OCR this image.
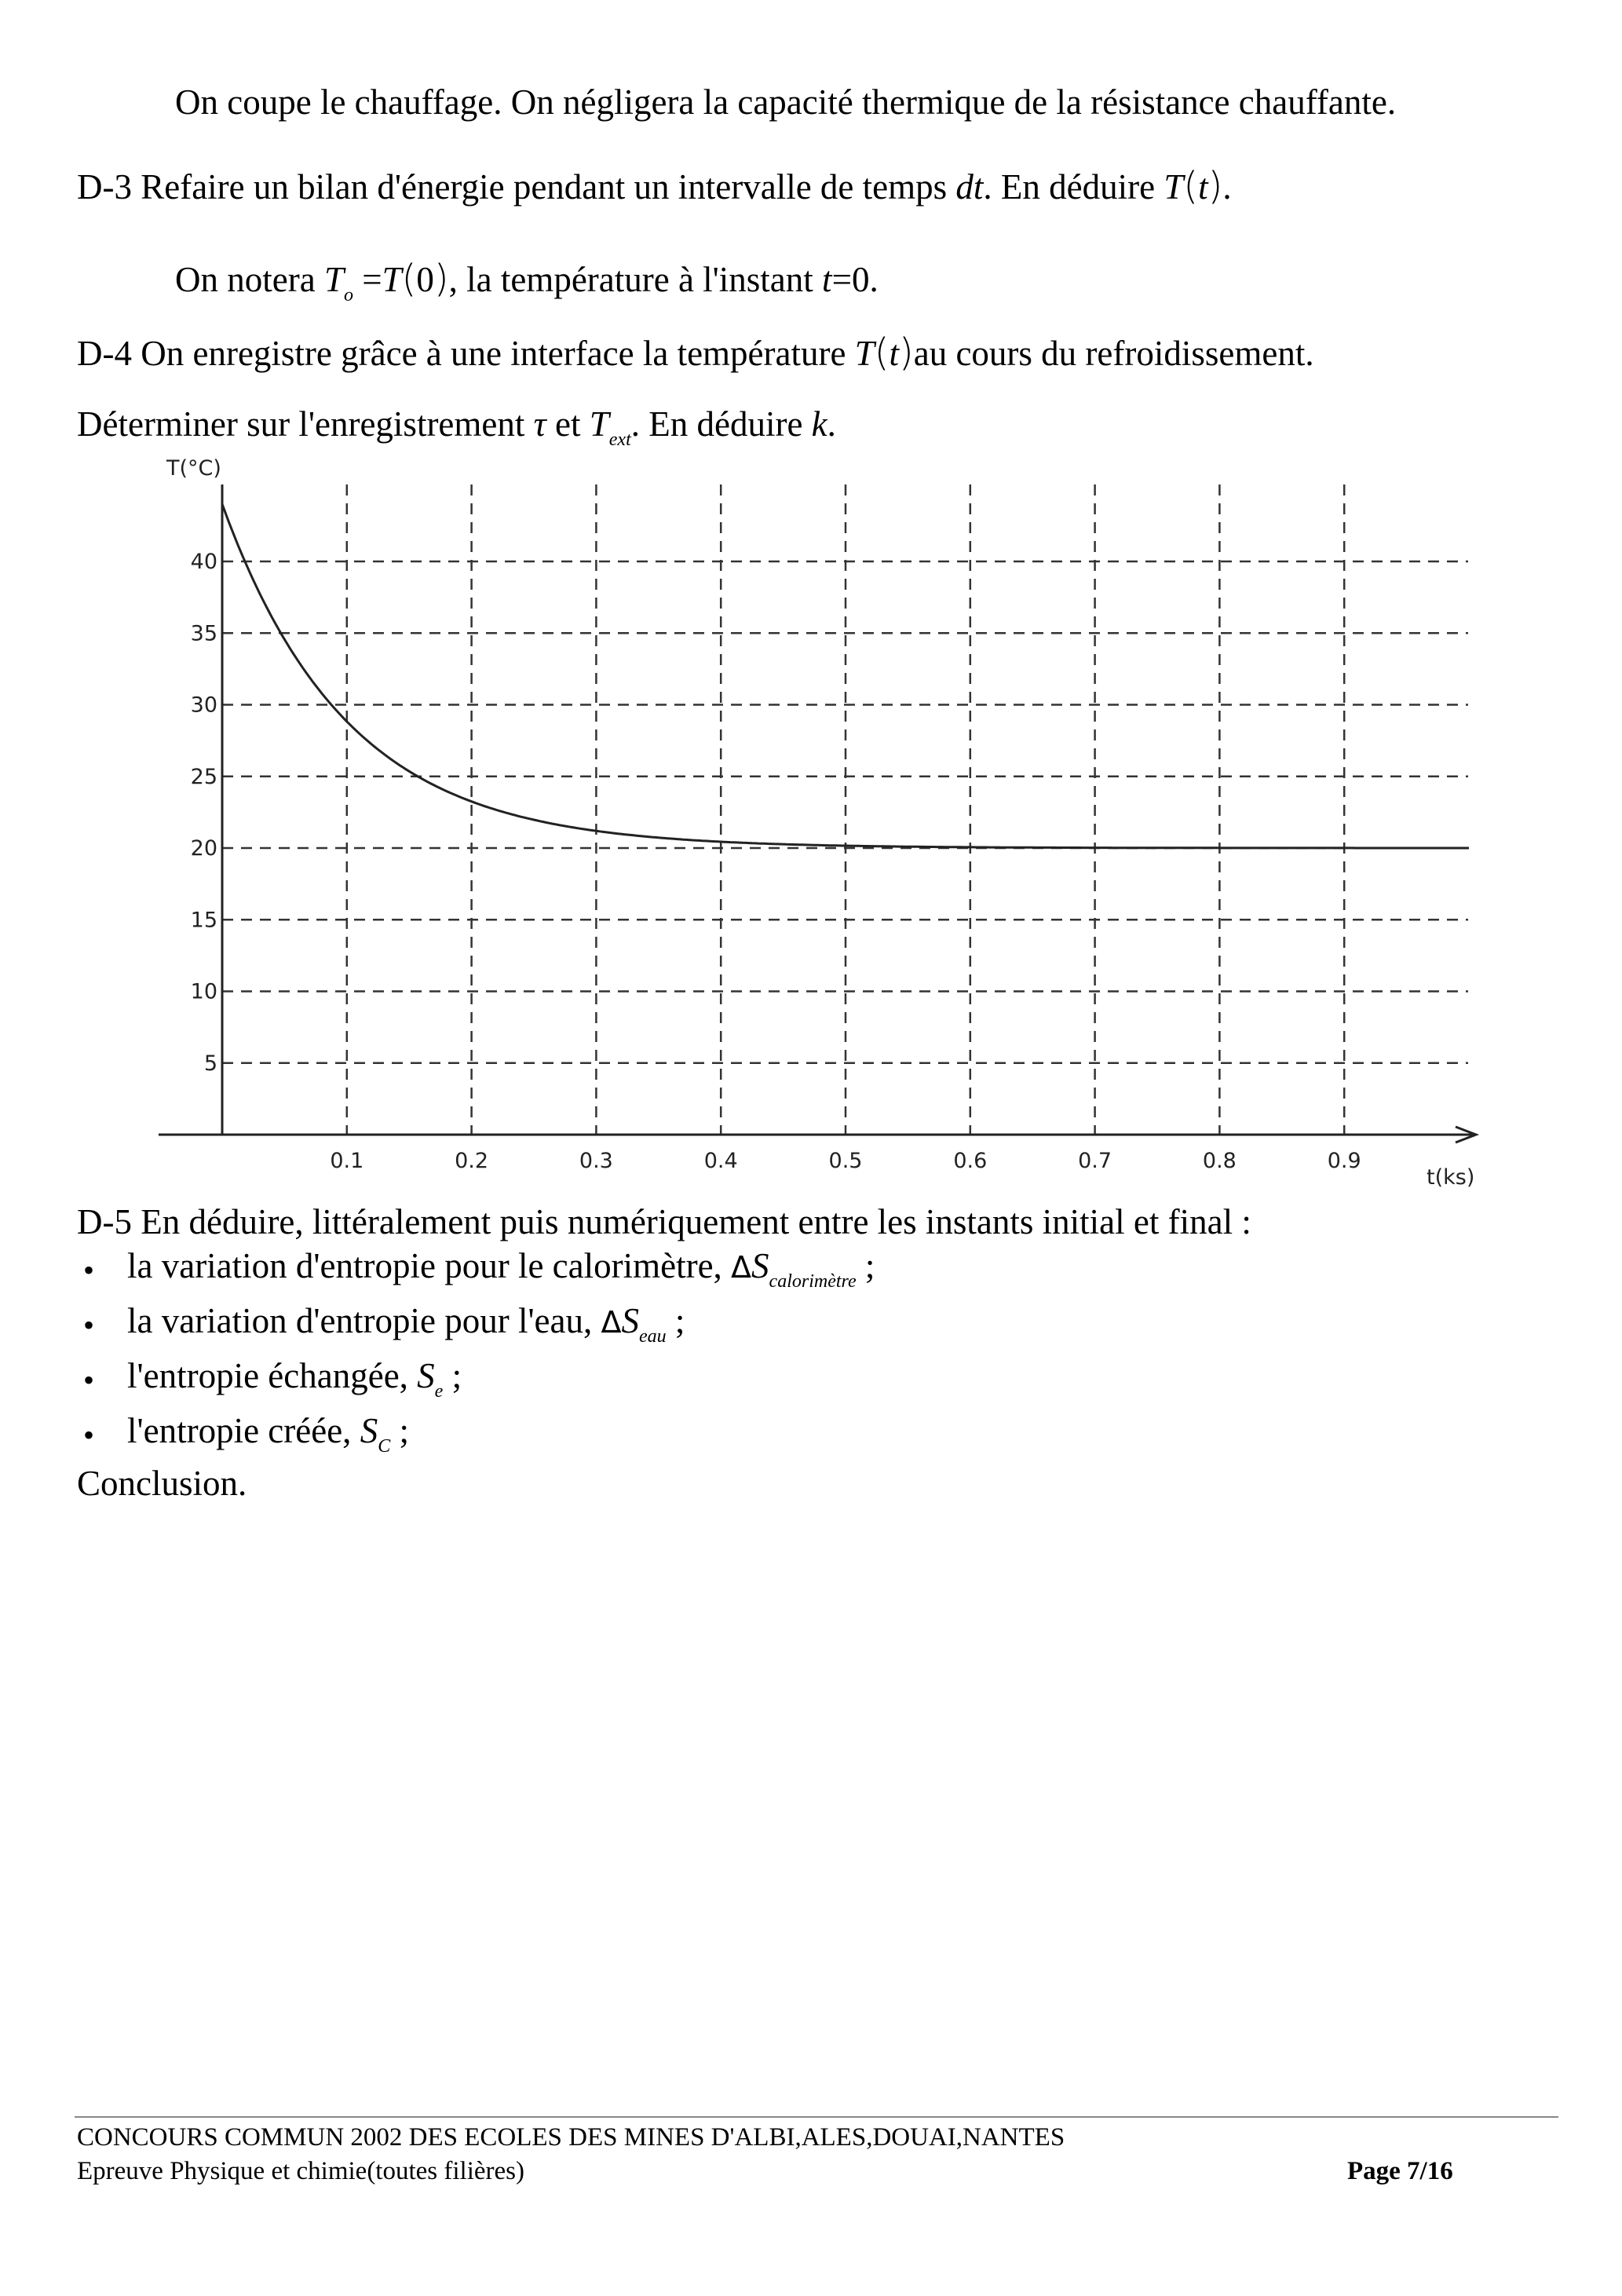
On coupe le chauffage. On négligera la capacité thermique de la résistance chauffante.
D-3 Refaire un bilan d'énergie pendant un intervalle de temps dt. En déduire T(t).
On notera $T_o =T(0)$, la température à l'instant t=0.
D-4 On enregistre grâce à une interface la température T(t)au cours du refroidissement.
Déterminer sur l'enregistrement τ et $T_{ext}$. En déduire k.
0.1	0.2	0.3	0.4	0.5	0.6	0.7	0.8	0.9
5
10
15
20
25
30
35
40
T(°C)
t(ks)
D-5 En déduire, littéralement puis numériquement entre les instants initial et final :
• la variation d'entropie pour le calorimètre, $\Delta S_{calorimètre}$ ;
• la variation d'entropie pour l'eau, $\Delta S_{eau}$ ;
• l'entropie échangée, $S_e$ ;
• l'entropie créée, $S_C$ ;
Conclusion.
CONCOURS COMMUN 2002 DES ECOLES DES MINES D'ALBI,ALES,DOUAI,NANTES
Epreuve Physique et chimie(toutes filières)	Page 7/16
